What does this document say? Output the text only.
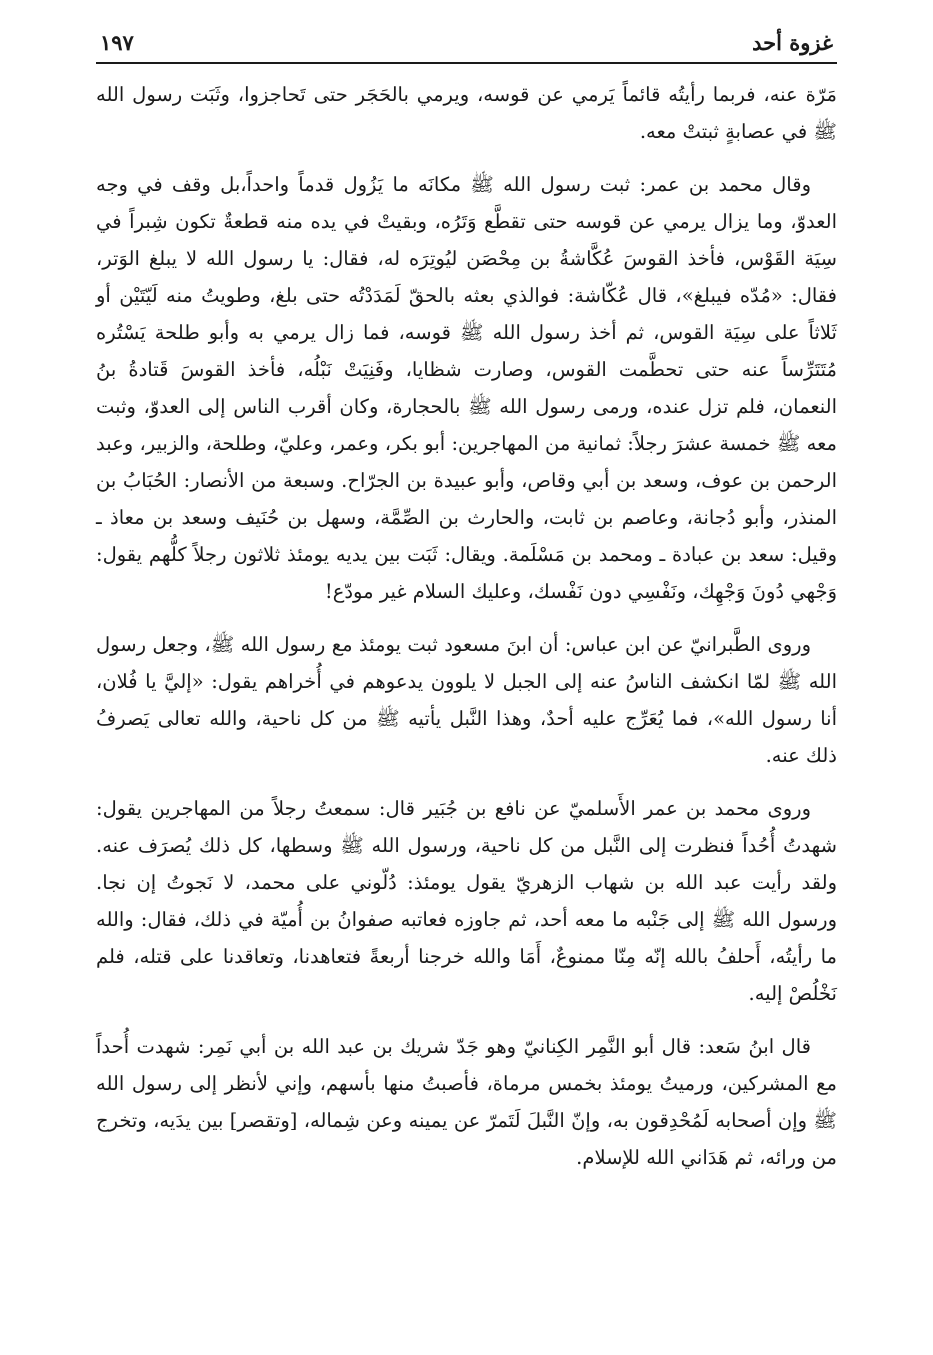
غزوة أحد
١٩٧

مَرّة عنه، فربما رأيتُه قائماً يَرمي عن قوسه، ويرمي بالحَجَر حتى تَحاجزوا، وثَبَت رسول الله ﷺ في عصابةٍ ثبتتْ معه.

وقال محمد بن عمر: ثبت رسول الله ﷺ مكانَه ما يَزُول قدماً واحداً،بل وقف في وجه العدوّ، وما يزال يرمي عن قوسه حتى تقطَّع وَتَرُه، وبقيتْ في يده منه قطعةٌ تكون شِبراً في سِيَة القَوْس، فأخذ القوسَ عُكَّاشةُ بن مِحْصَن ليُوتِرَه له، فقال: يا رسول الله لا يبلغ الوَتر، فقال: «مُدّه فيبلغ»، قال عُكّاشة: فوالذي بعثه بالحقّ لَمَدَدْتُه حتى بلغ، وطويتُ منه لَيّتَيْن أو ثَلاثاً على سِيَة القوس، ثم أخذ رسول الله ﷺ قوسه، فما زال يرمي به وأبو طلحة يَسْتُره مُتَتَرِّساً عنه حتى تحطَّمت القوس، وصارت شظايا، وفَنِيَتْ نَبْلُه، فأخذ القوسَ قَتادةُ بنُ النعمان، فلم تزل عنده، ورمى رسول الله ﷺ بالحجارة، وكان أقرب الناس إلى العدوّ، وثبت معه ﷺ خمسة عشرَ رجلاً: ثمانية من المهاجرين: أبو بكر، وعمر، وعليّ، وطلحة، والزبير، وعبد الرحمن بن عوف، وسعد بن أبي وقاص، وأبو عبيدة بن الجرّاح. وسبعة من الأنصار: الحُبَابُ بن المنذر، وأبو دُجانة، وعاصم بن ثابت، والحارث بن الصِّمَّة، وسهل بن حُنَيف وسعد بن معاذ ـ وقيل: سعد بن عبادة ـ ومحمد بن مَسْلَمة. ويقال: ثَبَت بين يديه يومئذ ثلاثون رجلاً كلُّهم يقول: وَجْهي دُونَ وَجْهِك، ونَفْسِي دون نَفْسك، وعليك السلام غير مودّع!

وروى الطَّبرانيّ عن ابن عباس: أن ابنَ مسعود ثبت يومئذ مع رسول الله ﷺ، وجعل رسول الله ﷺ لمّا انكشف الناسُ عنه إلى الجبل لا يلوون يدعوهم في أُخراهم يقول: «إليَّ يا فُلان، أنا رسول الله»، فما يُعَرِّج عليه أحدٌ، وهذا النَّبل يأتيه ﷺ من كل ناحية، والله تعالى يَصرفُ ذلك عنه.

وروى محمد بن عمر الأَسلميّ عن نافع بن جُبَير قال: سمعتُ رجلاً من المهاجرين يقول: شهدتُ أُحُداً فنظرت إلى النَّبل من كل ناحية، ورسول الله ﷺ وسطها، كل ذلك يُصرَف عنه. ولقد رأيت عبد الله بن شهاب الزهريّ يقول يومئذ: دُلّوني على محمد، لا نَجوتُ إن نجا. ورسول الله ﷺ إلى جَنْبه ما معه أحد، ثم جاوزه فعاتبه صفوانُ بن أُميّة في ذلك، فقال: والله ما رأيتُه، أَحلفُ بالله إنّه مِنّا ممنوعٌ، أَمَا والله خرجنا أربعةً فتعاهدنا، وتعاقدنا على قتله، فلم نَخْلُصْ إليه.

قال ابنُ سَعد: قال أبو النَّمِر الكِنانيّ وهو جَدّ شريك بن عبد الله بن أبي نَمِر: شهدت أُحداً مع المشركين، ورميتُ يومئذ بخمس مرماة، فأصبتُ منها بأسهم، وإني لأنظر إلى رسول الله ﷺ وإن أصحابه لَمُحْدِقون به، وإنّ النَّبلَ لَتَمرّ عن يمينه وعن شِماله، [وتقصر] بين يدَيه، وتخرج من ورائه، ثم هَدَاني الله للإسلام.
